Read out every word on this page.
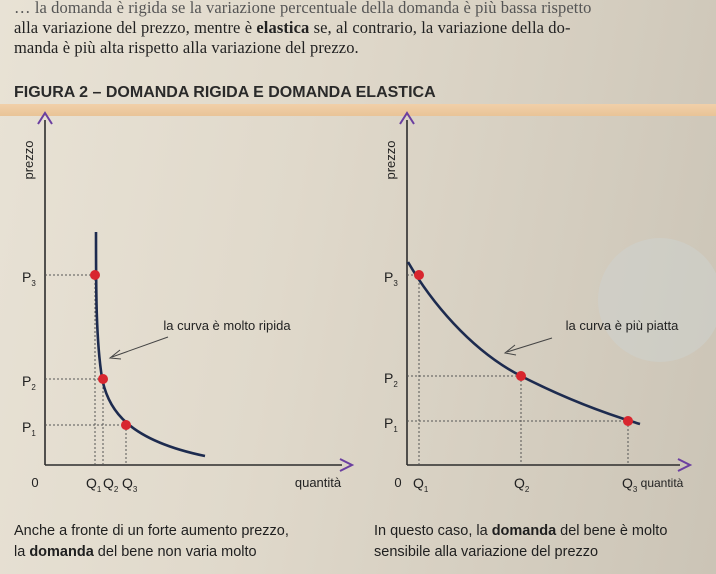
… la domanda è rigida se la variazione percentuale della domanda è più bassa rispetto
alla variazione del prezzo, mentre è elastica se, al contrario, la variazione della do-
manda è più alta rispetto alla variazione del prezzo.
FIGURA 2 – DOMANDA RIGIDA E DOMANDA ELASTICA
prezzo
quantità
0
la curva è molto ripida
$P_3$
$P_2$
$P_1$
$Q_1$ $Q_2$ $Q_3$
prezzo
quantità
0
la curva è più piatta
$P_3$
$P_2$
$P_1$
$Q_1$	$Q_2$	$Q_3$
Anche a fronte di un forte aumento prezzo,
la domanda del bene non varia molto
In questo caso, la domanda del bene è molto
sensibile alla variazione del prezzo
